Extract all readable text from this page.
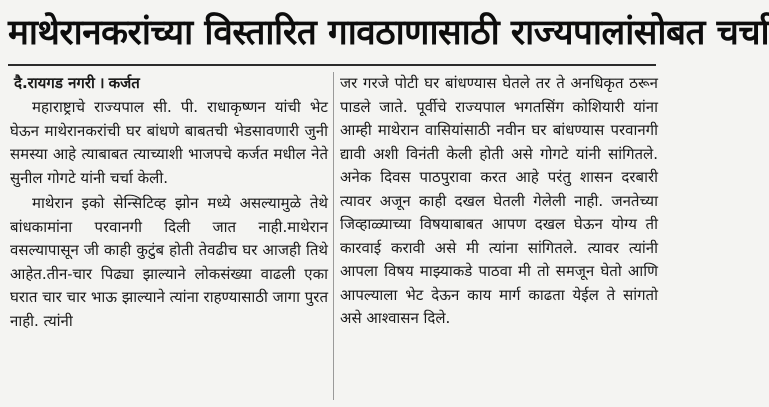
माथेरानकरांच्या विस्तारित गावठाणासाठी राज्यपालांसोबत चर्चा
दै.रायगड नगरी । कर्जत

महाराष्ट्राचे राज्यपाल सी. पी. राधाकृष्णन यांची भेट घेऊन माथेरानकरांची घर बांधणे बाबतची भेडसावणारी जुनी समस्या आहे त्याबाबत त्याच्याशी भाजपचे कर्जत मधील नेते सुनील गोगटे यांनी चर्चा केली.

माथेरान इको सेन्सिटिव्ह झोन मध्ये असल्यामुळे तेथे बांधकामांना परवानगी दिली जात नाही.माथेरान वसल्यापासून जी काही कुटुंब होती तेवढीच घर आजही तिथे आहेत.तीन-चार पिढ्या झाल्याने लोकसंख्या वाढली एका घरात चार चार भाऊ झाल्याने त्यांना राहण्यासाठी जागा पुरत नाही. त्यांनी

जर गरजे पोटी घर बांधण्यास घेतले तर ते अनधिकृत ठरून पाडले जाते. पूर्वीचे राज्यपाल भगतसिंग कोशियारी यांना आम्ही माथेरान वासियांसाठी नवीन घर बांधण्यास परवानगी द्यावी अशी विनंती केली होती असे गोगटे यांनी सांगितले. अनेक दिवस पाठपुरावा करत आहे परंतु शासन दरबारी त्यावर अजून काही दखल घेतली गेलेली नाही. जनतेच्या जिव्हाळ्याच्या विषयाबाबत आपण दखल घेऊन योग्य ती कारवाई करावी असे मी त्यांना सांगितले. त्यावर त्यांनी आपला विषय माझ्याकडे पाठवा मी तो समजून घेतो आणि आपल्याला भेट देऊन काय मार्ग काढता येईल ते सांगतो असे आश्वासन दिले.
